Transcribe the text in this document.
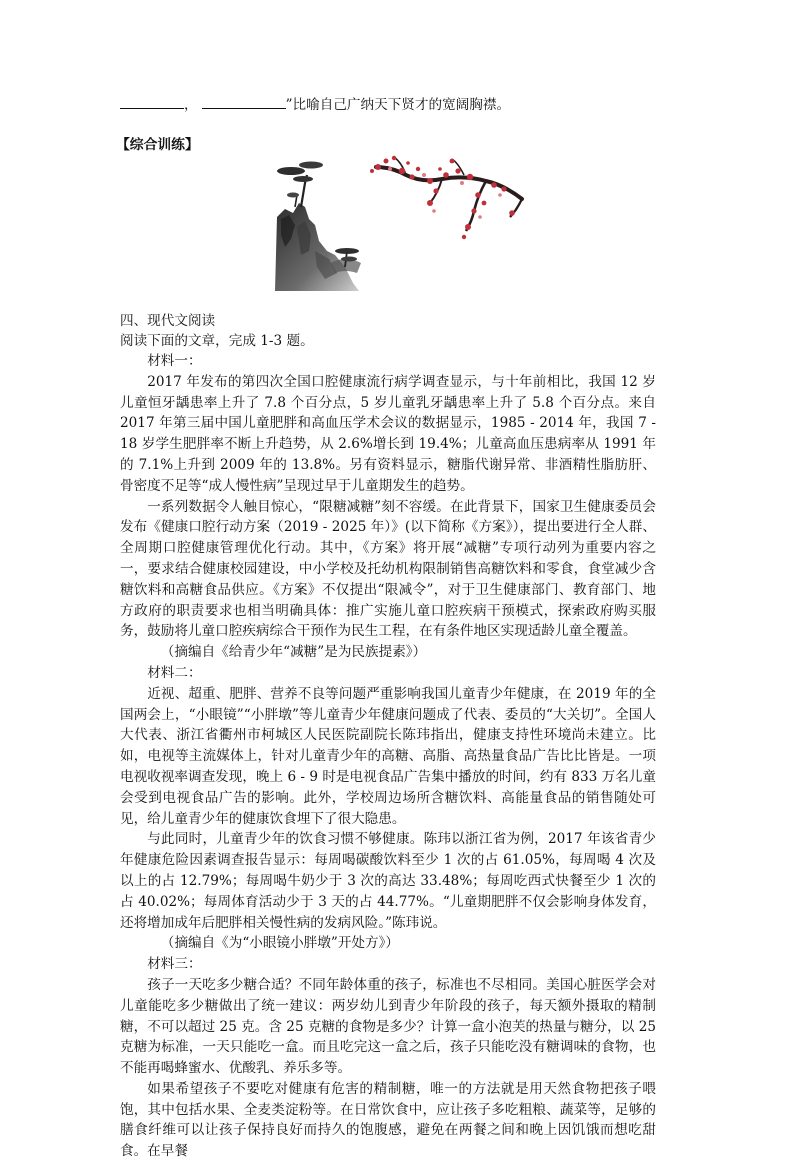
，	”比喻自己广纳天下贤才的宽阔胸襟。
【综合训练】
四、现代文阅读
阅读下面的文章，完成 1-3 题。
材料一：
2017 年发布的第四次全国口腔健康流行病学调查显示，与十年前相比，我国 12 岁儿童恒牙龋患率上升了 7.8 个百分点，5 岁儿童乳牙龋患率上升了 5.8 个百分点。来自 2017 年第三届中国儿童肥胖和高血压学术会议的数据显示，1985 - 2014 年，我国 7 - 18 岁学生肥胖率不断上升趋势，从 2.6%增长到 19.4%；儿童高血压患病率从 1991 年的 7.1%上升到 2009 年的 13.8%。另有资料显示，糖脂代谢异常、非酒精性脂肪肝、骨密度不足等“成人慢性病”呈现过早于儿童期发生的趋势。
一系列数据令人触目惊心，“限糖减糖”刻不容缓。在此背景下，国家卫生健康委员会发布《健康口腔行动方案（2019 - 2025 年）》(以下简称《方案》），提出要进行全人群、全周期口腔健康管理优化行动。其中，《方案》将开展“减糖”专项行动列为重要内容之一，要求结合健康校园建设，中小学校及托幼机构限制销售高糖饮料和零食，食堂减少含糖饮料和高糖食品供应。《方案》不仅提出“限减令”，对于卫生健康部门、教育部门、地方政府的职责要求也相当明确具体：推广实施儿童口腔疾病干预模式，探索政府购买服务，鼓励将儿童口腔疾病综合干预作为民生工程，在有条件地区实现适龄儿童全覆盖。
（摘编自《给青少年“减糖”是为民族提素》）
材料二：
近视、超重、肥胖、营养不良等问题严重影响我国儿童青少年健康，在 2019 年的全国两会上，“小眼镜”“小胖墩”等儿童青少年健康问题成了代表、委员的“大关切”。全国人大代表、浙江省衢州市柯城区人民医院副院长陈玮指出，健康支持性环境尚未建立。比如，电视等主流媒体上，针对儿童青少年的高糖、高脂、高热量食品广告比比皆是。一项电视收视率调查发现，晚上 6 - 9 时是电视食品广告集中播放的时间，约有 833 万名儿童会受到电视食品广告的影响。此外，学校周边场所含糖饮料、高能量食品的销售随处可见，给儿童青少年的健康饮食埋下了很大隐患。
与此同时，儿童青少年的饮食习惯不够健康。陈玮以浙江省为例，2017 年该省青少年健康危险因素调查报告显示：每周喝碳酸饮料至少 1 次的占 61.05%，每周喝 4 次及以上的占 12.79%；每周喝牛奶少于 3 次的高达 33.48%；每周吃西式快餐至少 1 次的占 40.02%；每周体育活动少于 3 天的占 44.77%。“儿童期肥胖不仅会影响身体发育，还将增加成年后肥胖相关慢性病的发病风险。”陈玮说。
（摘编自《为“小眼镜小胖墩”开处方》）
材料三：
孩子一天吃多少糖合适？不同年龄体重的孩子，标准也不尽相同。美国心脏医学会对儿童能吃多少糖做出了统一建议：两岁幼儿到青少年阶段的孩子，每天额外摄取的精制糖，不可以超过 25 克。含 25 克糖的食物是多少？计算一盒小泡芙的热量与糖分，以 25 克糖为标准，一天只能吃一盒。而且吃完这一盒之后，孩子只能吃没有糖调味的食物，也不能再喝蜂蜜水、优酸乳、养乐多等。
如果希望孩子不要吃对健康有危害的精制糖，唯一的方法就是用天然食物把孩子喂饱，其中包括水果、全麦类淀粉等。在日常饮食中，应让孩子多吃粗粮、蔬菜等，足够的膳食纤维可以让孩子保持良好而持久的饱腹感，避免在两餐之间和晚上因饥饿而想吃甜食。在早餐
